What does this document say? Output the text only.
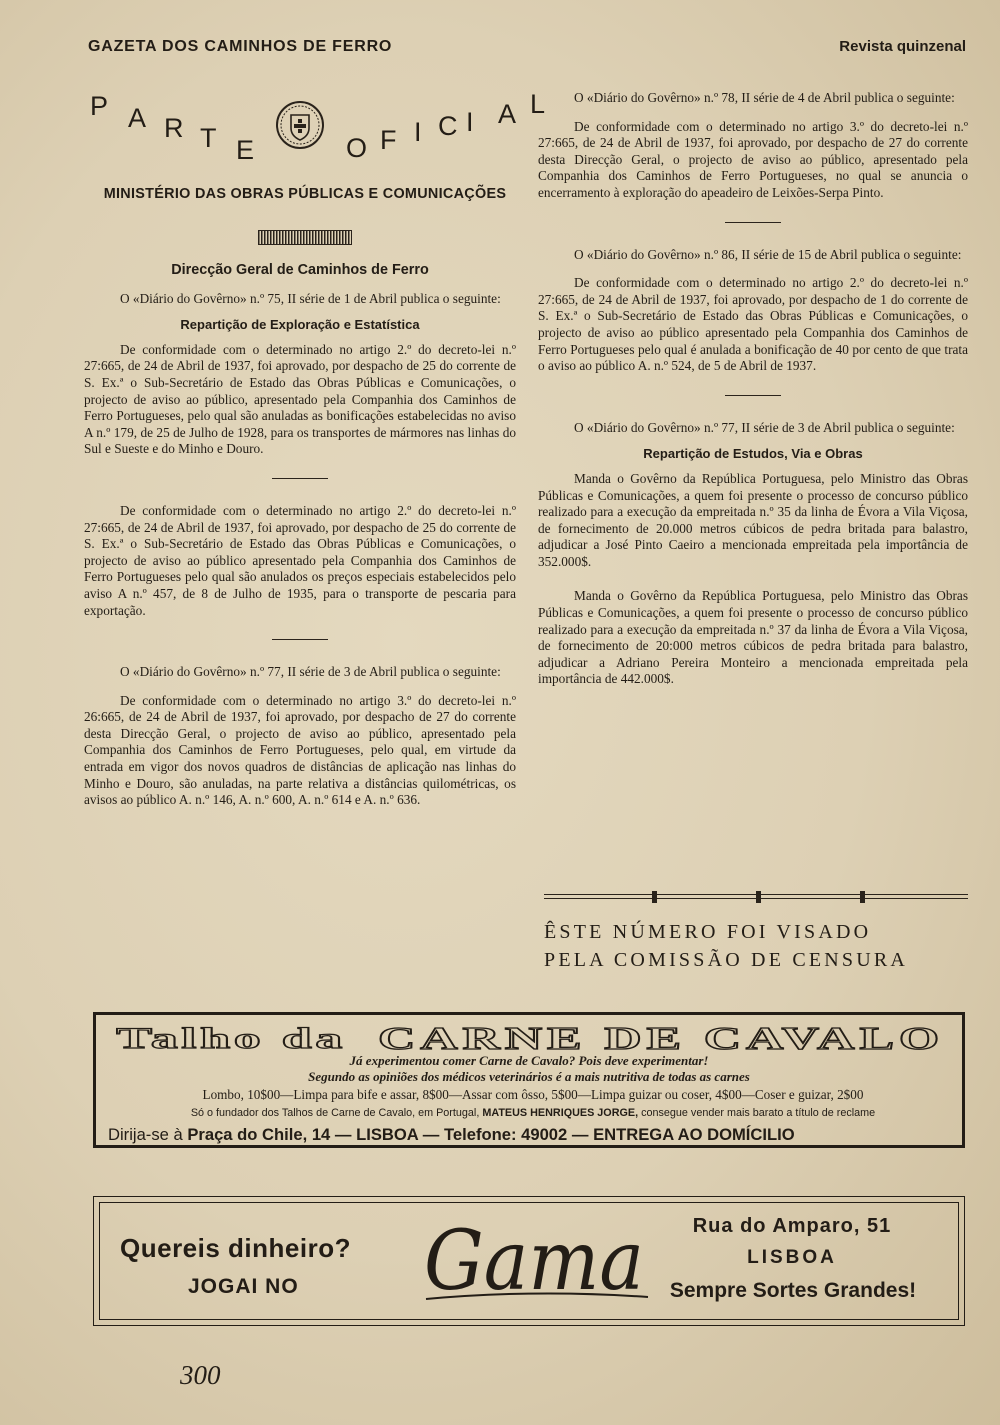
GAZETA DOS CAMINHOS DE FERRO	Revista quinzenal
P A R T E	O F I C I A L
MINISTÉRIO DAS OBRAS PÚBLICAS E COMUNICAÇÕES
Direcção Geral de Caminhos de Ferro

O «Diário do Govêrno» n.º 75, II série de 1 de Abril publica o seguinte:

Repartição de Exploração e Estatística

De conformidade com o determinado no artigo 2.º do decreto-lei n.º 27:665, de 24 de Abril de 1937, foi aprovado, por despacho de 25 do corrente de S. Ex.ª o Sub-Secretário de Estado das Obras Públicas e Comunicações, o projecto de aviso ao público, apresentado pela Companhia dos Caminhos de Ferro Portugueses, pelo qual são anuladas as bonificações estabelecidas no aviso A n.º 179, de 25 de Julho de 1928, para os transportes de mármores nas linhas do Sul e Sueste e do Minho e Douro.

De conformidade com o determinado no artigo 2.º do decreto-lei n.º 27:665, de 24 de Abril de 1937, foi aprovado, por despacho de 25 do corrente de S. Ex.ª o Sub-Secretário de Estado das Obras Públicas e Comunicações, o projecto de aviso ao público apresentado pela Companhia dos Caminhos de Ferro Portugueses pelo qual são anulados os preços especiais estabelecidos pelo aviso A n.º 457, de 8 de Julho de 1935, para o transporte de pescaria para exportação.

O «Diário do Govêrno» n.º 77, II série de 3 de Abril publica o seguinte:

De conformidade com o determinado no artigo 3.º do decreto-lei n.º 26:665, de 24 de Abril de 1937, foi aprovado, por despacho de 27 do corrente desta Direcção Geral, o projecto de aviso ao público, apresentado pela Companhia dos Caminhos de Ferro Portugueses, pelo qual, em virtude da entrada em vigor dos novos quadros de distâncias de aplicação nas linhas do Minho e Douro, são anuladas, na parte relativa a distâncias quilométricas, os avisos ao público A. n.º 146, A. n.º 600, A. n.º 614 e A. n.º 636.

O «Diário do Govêrno» n.º 78, II série de 4 de Abril publica o seguinte:

De conformidade com o determinado no artigo 3.º do decreto-lei n.º 27:665, de 24 de Abril de 1937, foi aprovado, por despacho de 27 do corrente desta Direcção Geral, o projecto de aviso ao público, apresentado pela Companhia dos Caminhos de Ferro Portugueses, no qual se anuncia o encerramento à exploração do apeadeiro de Leixões-Serpa Pinto.

O «Diário do Govêrno» n.º 86, II série de 15 de Abril publica o seguinte:

De conformidade com o determinado no artigo 2.º do decreto-lei n.º 27:665, de 24 de Abril de 1937, foi aprovado, por despacho de 1 do corrente de S. Ex.ª o Sub-Secretário de Estado das Obras Públicas e Comunicações, o projecto de aviso ao público apresentado pela Companhia dos Caminhos de Ferro Portugueses pelo qual é anulada a bonificação de 40 por cento de que trata o aviso ao público A. n.º 524, de 5 de Abril de 1937.

O «Diário do Govêrno» n.º 77, II série de 3 de Abril publica o seguinte:

Repartição de Estudos, Via e Obras

Manda o Govêrno da República Portuguesa, pelo Ministro das Obras Públicas e Comunicações, a quem foi presente o processo de concurso público realizado para a execução da empreitada n.º 35 da linha de Évora a Vila Viçosa, de fornecimento de 20.000 metros cúbicos de pedra britada para balastro, adjudicar a José Pinto Caeiro a mencionada empreitada pela importância de 352.000$.

Manda o Govêrno da República Portuguesa, pelo Ministro das Obras Públicas e Comunicações, a quem foi presente o processo de concurso público realizado para a execução da empreitada n.º 37 da linha de Évora a Vila Viçosa, de fornecimento de 20:000 metros cúbicos de pedra britada para balastro, adjudicar a Adriano Pereira Monteiro a mencionada empreitada pela importância de 442.000$.

ÊSTE NÚMERO FOI VISADO
PELA COMISSÃO DE CENSURA
Talho da CARNE DE CAVALO
Já experimentou comer Carne de Cavalo? Pois deve experimentar!
Segundo as opiniões dos médicos veterinários é a mais nutritiva de todas as carnes
Lombo, 10$00—Limpa para bife e assar, 8$00—Assar com ôsso, 5$00—Limpa guizar ou coser, 4$00—Coser e guizar, 2$00
Só o fundador dos Talhos de Carne de Cavalo, em Portugal, MATEUS HENRIQUES JORGE, consegue vender mais barato a título de reclame
Dirija-se à Praça do Chile, 14 — LISBOA — Telefone: 49002 — ENTREGA AO DOMÍCILIO
Quereis dinheiro?
JOGAI NO Gama	Rua do Amparo, 51
LISBOA
Sempre Sortes Grandes!
300
